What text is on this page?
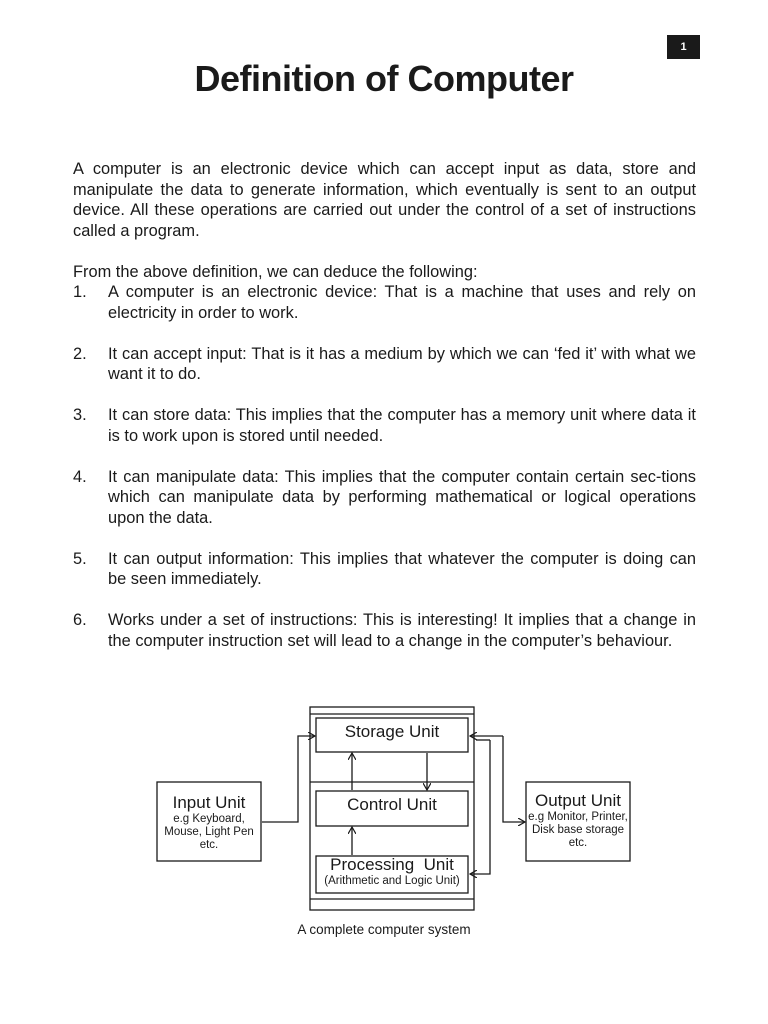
1
Definition of Computer

A computer is an electronic device which can accept input as data, store and manipulate the data to generate information, which eventually is sent to an output device. All these operations are carried out under the control of a set of instructions called a program.

From the above definition, we can deduce the following:

1.	A computer is an electronic device: That is a machine that uses and rely on electricity in order to work.
2.	It can accept input: That is it has a medium by which we can ‘fed it’ with what we want it to do.
3.	It can store data: This implies that the computer has a memory unit where data it is to work upon is stored until needed.
4.	It can manipulate data: This implies that the computer contain certain sec-tions which can manipulate data by performing mathematical or logical operations upon the data.
5.	It can output information: This implies that whatever the computer is doing can be seen immediately.
6.	Works under a set of instructions: This is interesting! It implies that a change in the computer instruction set will lead to a change in the computer’s behaviour.
Storage Unit
Control Unit
Processing  Unit
(Arithmetic and Logic Unit)
Input Unit
e.g Keyboard, Mouse, Light Pen etc.
Output Unit
e.g Monitor, Printer, Disk base storage etc.
A complete computer system
